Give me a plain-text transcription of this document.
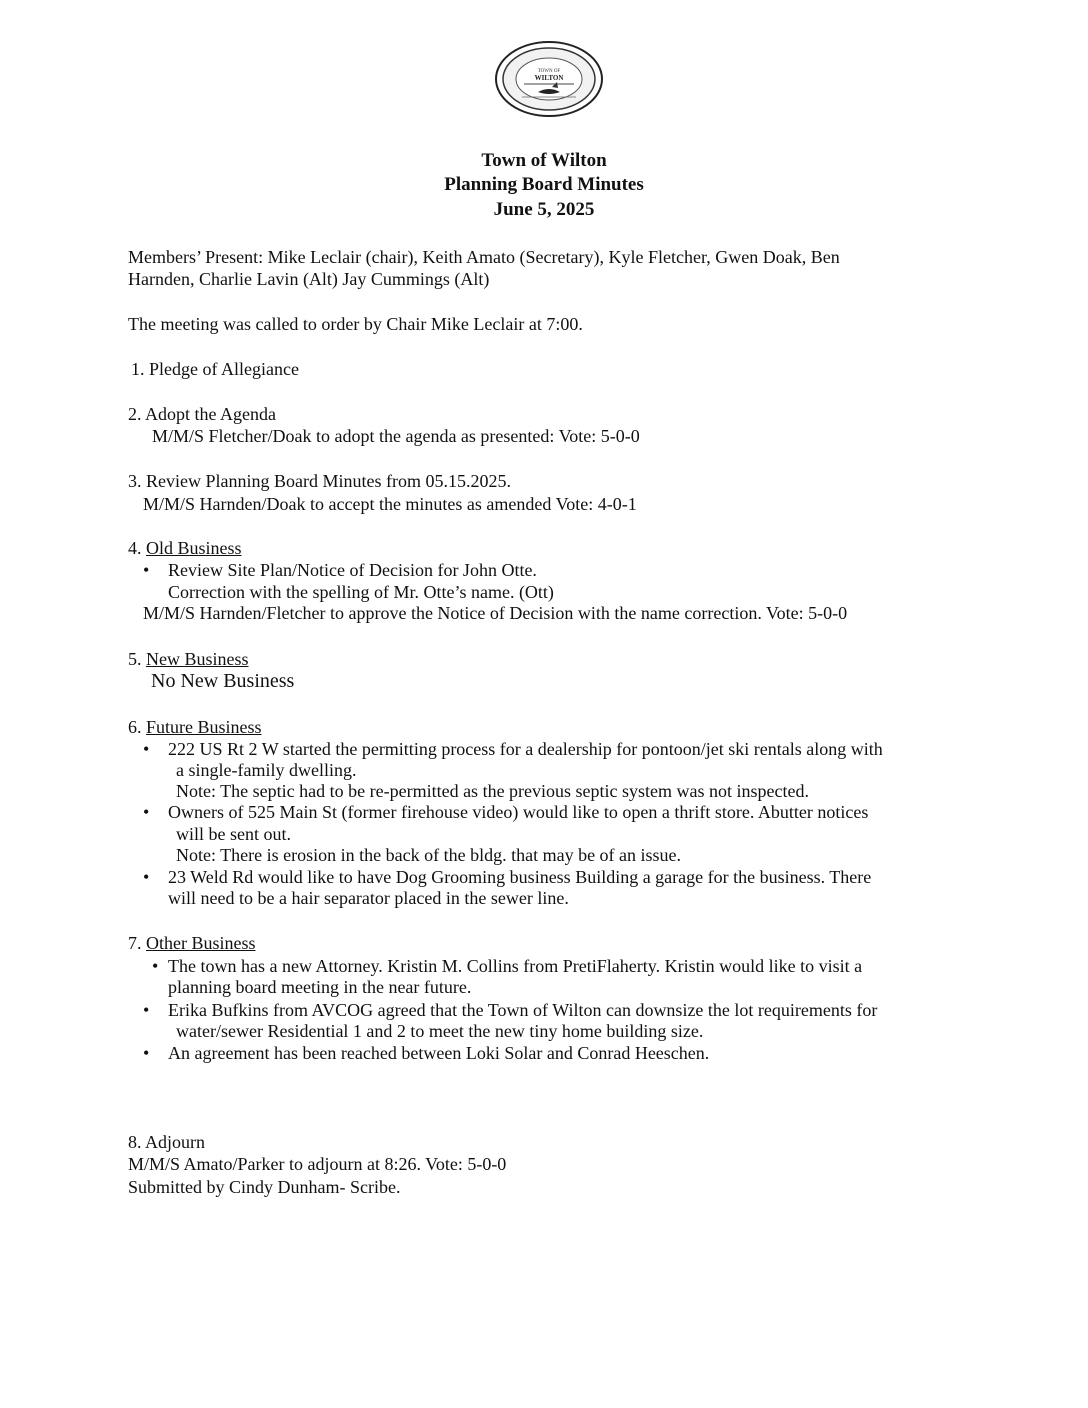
TOWN OF
WILTON
Town of Wilton
Planning Board Minutes
June 5, 2025
Members’ Present: Mike Leclair (chair), Keith Amato (Secretary), Kyle Fletcher, Gwen Doak, Ben
Harnden, Charlie Lavin (Alt) Jay Cummings (Alt)
The meeting was called to order by Chair Mike Leclair at 7:00.
1. Pledge of Allegiance
2. Adopt the Agenda
M/M/S Fletcher/Doak to adopt the agenda as presented: Vote: 5-0-0
3. Review Planning Board Minutes from 05.15.2025.
M/M/S Harnden/Doak to accept the minutes as amended Vote: 4-0-1
4. Old Business
• Review Site Plan/Notice of Decision for John Otte.
Correction with the spelling of Mr. Otte’s name. (Ott)
M/M/S Harnden/Fletcher to approve the Notice of Decision with the name correction. Vote: 5-0-0
5. New Business
No New Business
6. Future Business
• 222 US Rt 2 W started the permitting process for a dealership for pontoon/jet ski rentals along with
a single-family dwelling.
Note: The septic had to be re-permitted as the previous septic system was not inspected.
• Owners of 525 Main St (former firehouse video) would like to open a thrift store. Abutter notices
will be sent out.
Note: There is erosion in the back of the bldg. that may be of an issue.
• 23 Weld Rd would like to have Dog Grooming business Building a garage for the business. There
will need to be a hair separator placed in the sewer line.
7. Other Business
• The town has a new Attorney. Kristin M. Collins from PretiFlaherty. Kristin would like to visit a
planning board meeting in the near future.
• Erika Bufkins from AVCOG agreed that the Town of Wilton can downsize the lot requirements for
water/sewer Residential 1 and 2 to meet the new tiny home building size.
• An agreement has been reached between Loki Solar and Conrad Heeschen.
8. Adjourn
M/M/S Amato/Parker to adjourn at 8:26. Vote: 5-0-0
Submitted by Cindy Dunham- Scribe.
